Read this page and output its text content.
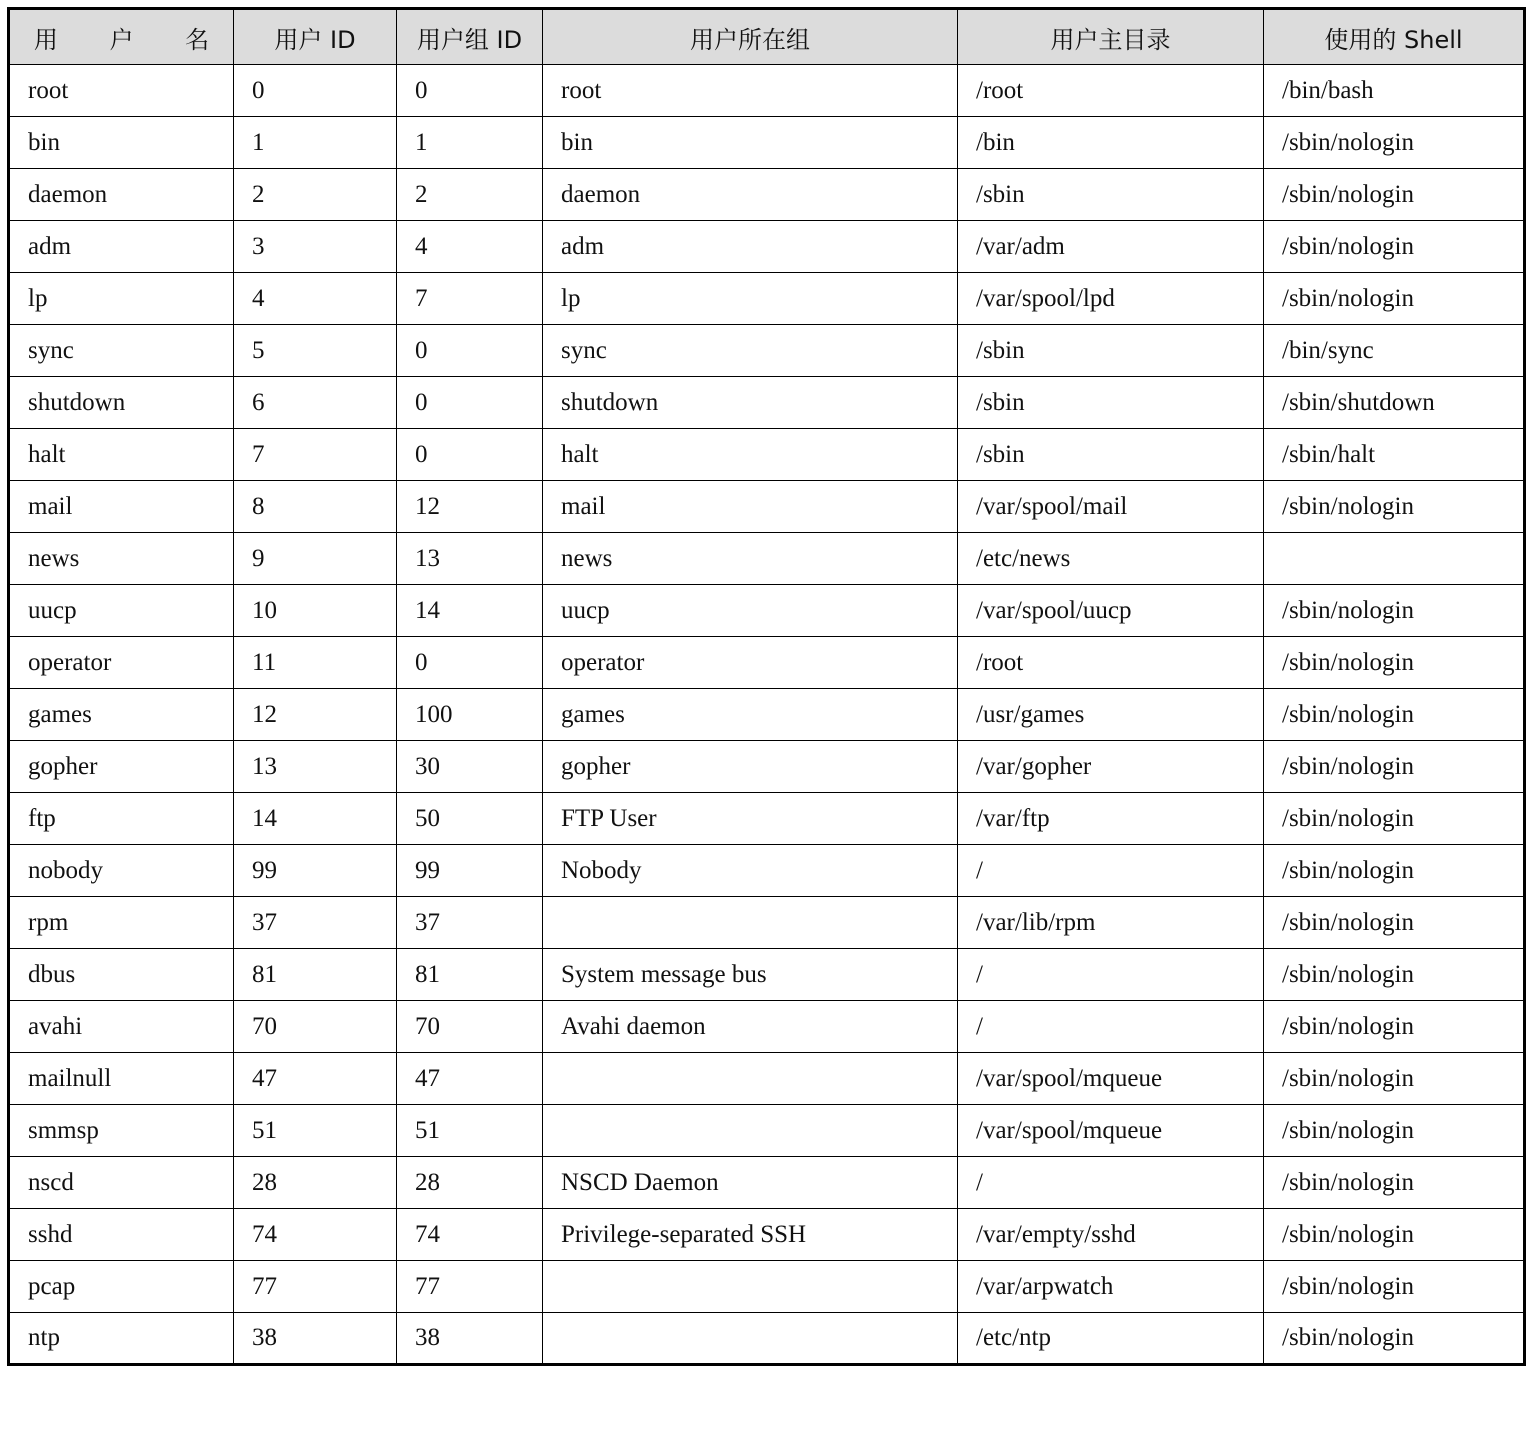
用 户 名	用户 ID	用户组 ID	用户所在组	用户主目录	使用的 Shell
root	0	0	root	/root	/bin/bash
bin	1	1	bin	/bin	/sbin/nologin
daemon	2	2	daemon	/sbin	/sbin/nologin
adm	3	4	adm	/var/adm	/sbin/nologin
lp	4	7	lp	/var/spool/lpd	/sbin/nologin
sync	5	0	sync	/sbin	/bin/sync
shutdown	6	0	shutdown	/sbin	/sbin/shutdown
halt	7	0	halt	/sbin	/sbin/halt
mail	8	12	mail	/var/spool/mail	/sbin/nologin
news	9	13	news	/etc/news	
uucp	10	14	uucp	/var/spool/uucp	/sbin/nologin
operator	11	0	operator	/root	/sbin/nologin
games	12	100	games	/usr/games	/sbin/nologin
gopher	13	30	gopher	/var/gopher	/sbin/nologin
ftp	14	50	FTP User	/var/ftp	/sbin/nologin
nobody	99	99	Nobody	/	/sbin/nologin
rpm	37	37		/var/lib/rpm	/sbin/nologin
dbus	81	81	System message bus	/	/sbin/nologin
avahi	70	70	Avahi daemon	/	/sbin/nologin
mailnull	47	47		/var/spool/mqueue	/sbin/nologin
smmsp	51	51		/var/spool/mqueue	/sbin/nologin
nscd	28	28	NSCD Daemon	/	/sbin/nologin
sshd	74	74	Privilege-separated SSH	/var/empty/sshd	/sbin/nologin
pcap	77	77		/var/arpwatch	/sbin/nologin
ntp	38	38		/etc/ntp	/sbin/nologin
